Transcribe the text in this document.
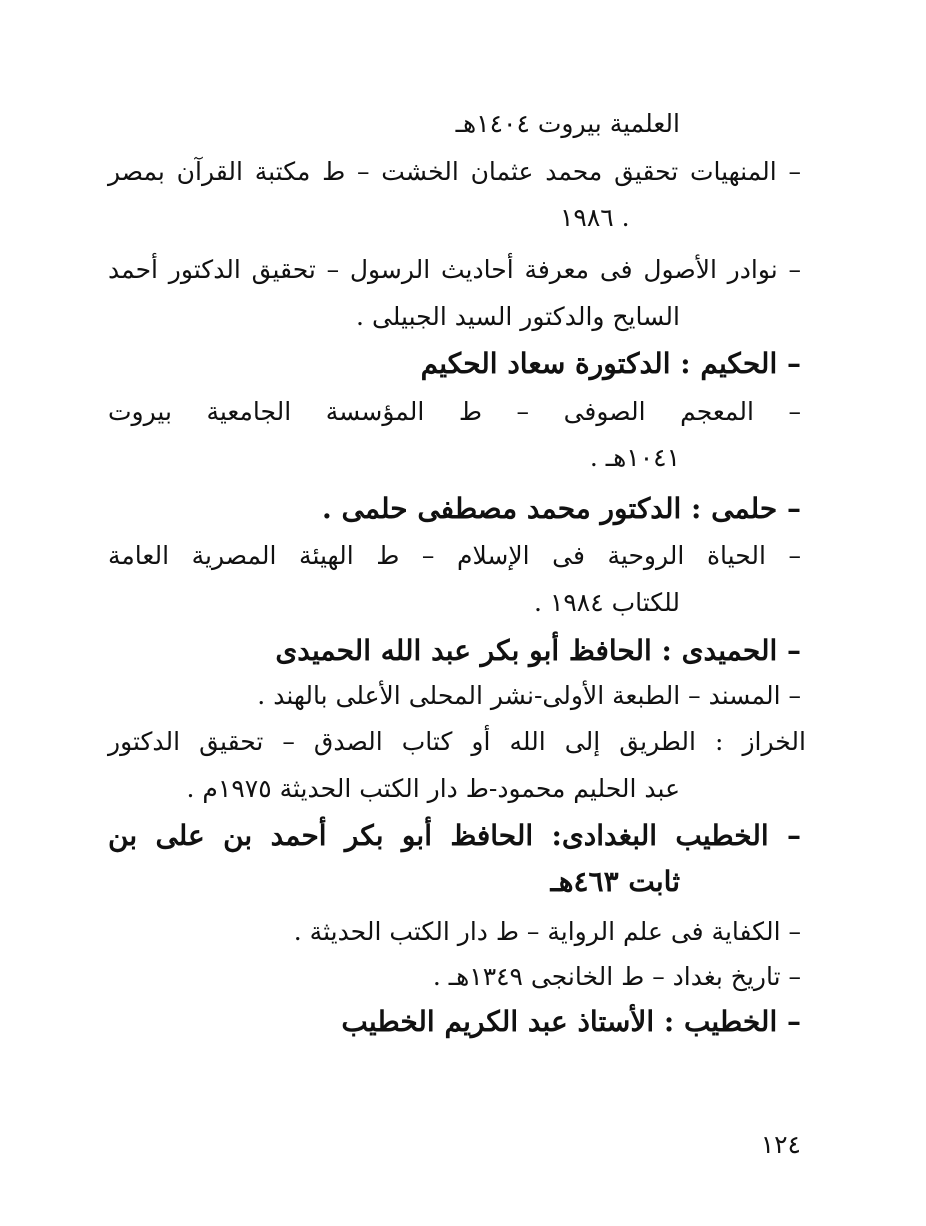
العلمية بيروت ١٤٠٤هـ
– المنهيات تحقيق محمد عثمان الخشت – ط مكتبة القرآن بمصر
١٩٨٦ .
– نوادر الأصول فى معرفة أحاديث الرسول – تحقيق الدكتور أحمد
السايح والدكتور السيد الجبيلى .
– الحكيم : الدكتورة سعاد الحكيم
– المعجم الصوفى – ط المؤسسة الجامعية بيروت
١٠٤١هـ .
– حلمى : الدكتور محمد مصطفى حلمى .
– الحياة الروحية فى الإسلام – ط الهيئة المصرية العامة
للكتاب ١٩٨٤ .
– الحميدى : الحافظ أبو بكر عبد الله الحميدى
– المسند – الطبعة الأولى-نشر المحلى الأعلى بالهند .
الخراز : الطريق إلى الله أو كتاب الصدق – تحقيق الدكتور
عبد الحليم محمود-ط دار الكتب الحديثة ١٩٧٥م .
– الخطيب البغدادى: الحافظ أبو بكر أحمد بن على بن
ثابت ٤٦٣هـ
– الكفاية فى علم الرواية – ط دار الكتب الحديثة .
– تاريخ بغداد – ط الخانجى ١٣٤٩هـ .
– الخطيب : الأستاذ عبد الكريم الخطيب
١٢٤
